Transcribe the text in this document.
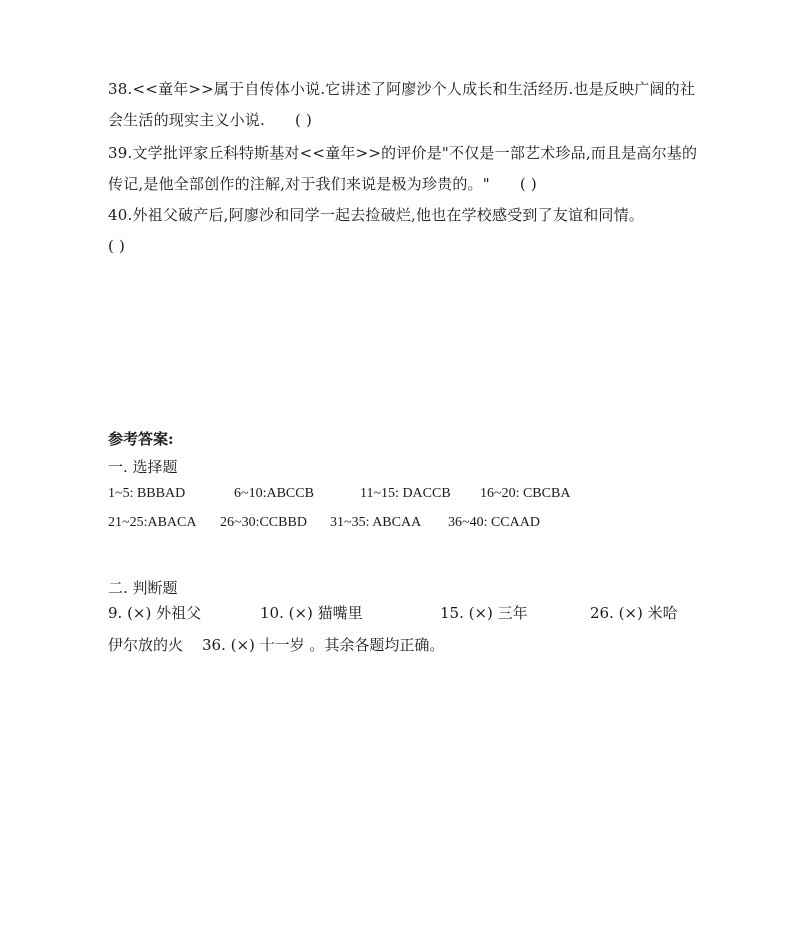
38.<<童年>>属于自传体小说.它讲述了阿廖沙个人成长和生活经历.也是反映广阔的社
会生活的现实主义小说. ( )
39.文学批评家丘科特斯基对<<童年>>的评价是"不仅是一部艺术珍品,而且是高尔基的
传记,是他全部创作的注解,对于我们来说是极为珍贵的。" ( )
40.外祖父破产后,阿廖沙和同学一起去捡破烂,他也在学校感受到了友谊和同情。
( )
参考答案:
一. 选择题
1~5: BBBAD	6~10:ABCCB	11~15: DACCB 16~20: CBCBA
21~25:ABACA 26~30:CCBBD 31~35: ABCAA 36~40: CCAAD
二. 判断题
9. (×) 外祖父	10. (×) 猫嘴里	15. (×) 三年	26. (×) 米哈
伊尔放的火 36. (×) 十一岁 。其余各题均正确。
